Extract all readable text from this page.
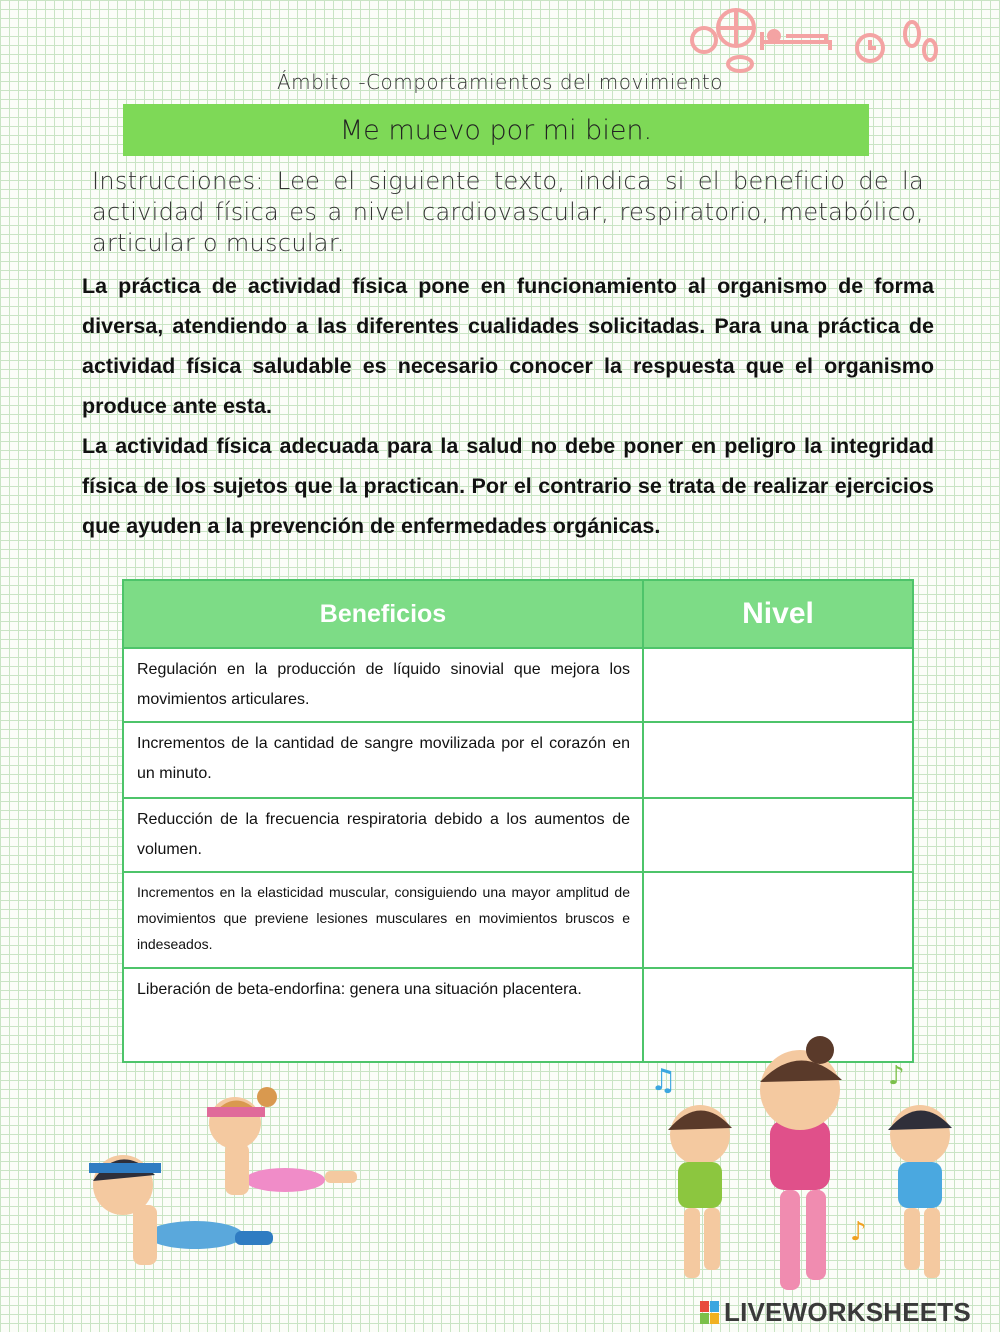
Ámbito -Comportamientos del movimiento
Me muevo por mi bien.
Instrucciones: Lee el siguiente texto, indica si el beneficio de la actividad física es a nivel cardiovascular, respiratorio, metabólico, articular o muscular.
La práctica de actividad física pone en funcionamiento al organismo de forma diversa, atendiendo a las diferentes cualidades solicitadas. Para una práctica de actividad física saludable es necesario conocer la respuesta que el organismo produce ante esta.
La actividad física adecuada para la salud no debe poner en peligro la integridad física de los sujetos que la practican. Por el contrario se trata de realizar ejercicios que ayuden a la prevención de enfermedades orgánicas.
Beneficios	Nivel
Regulación en la producción de líquido sinovial que mejora los movimientos articulares.	
Incrementos de la cantidad de sangre movilizada por el corazón en un minuto.	
Reducción de la frecuencia respiratoria debido a los aumentos de volumen.	
Incrementos en la elasticidad muscular, consiguiendo una mayor amplitud de movimientos que previene lesiones musculares en movimientos bruscos e indeseados.	
Liberación de beta-endorfina: genera una situación placentera.	
♫	♪
♪
LIVEWORKSHEETS
